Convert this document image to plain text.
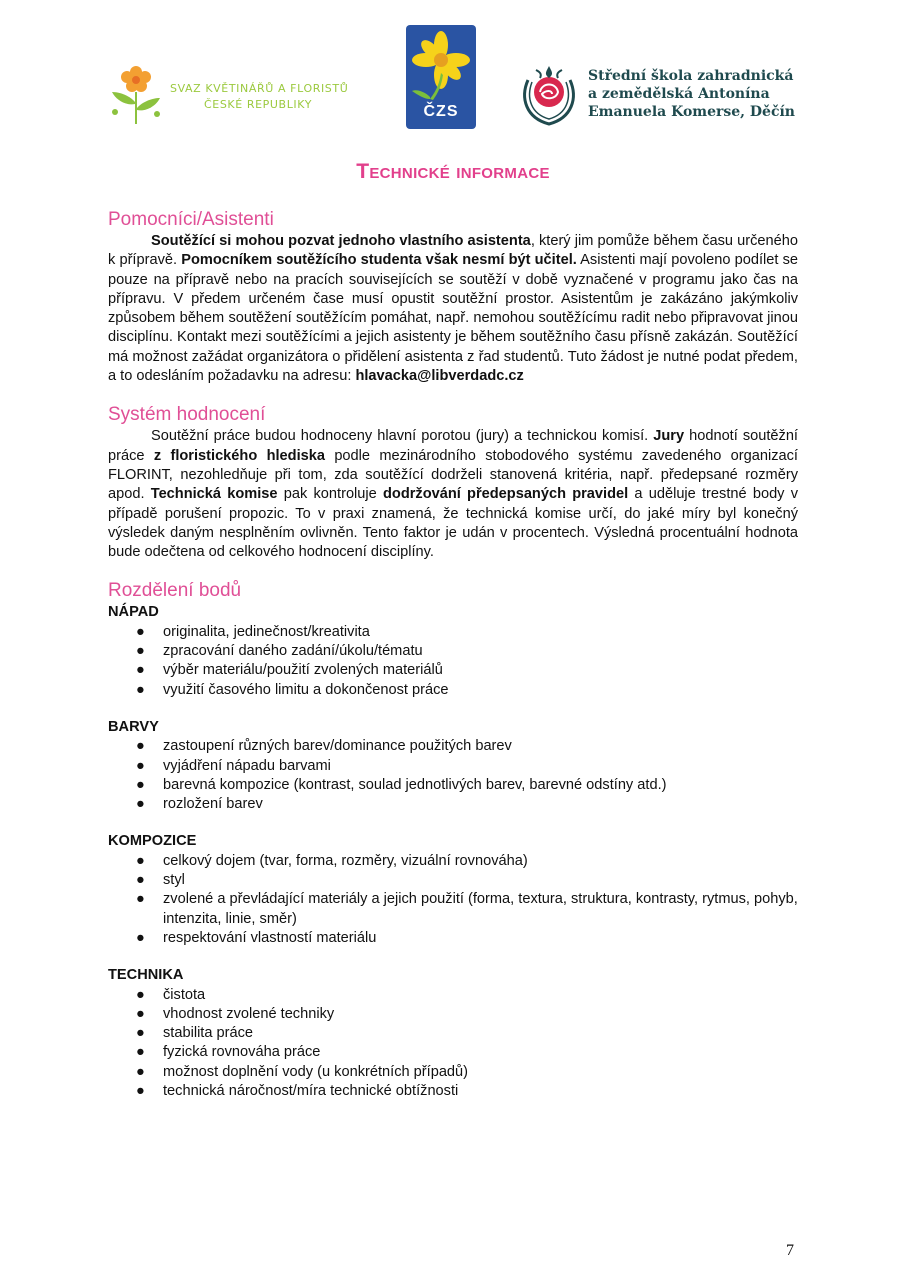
SVAZ KVĚTINÁŘŮ A FLORISTŮ
ČESKÉ REPUBLIKY	ČZS
Střední škola zahradnická
a zemědělská Antonína
Emanuela Komerse, Děčín
Technické informace
Pomocníci/Asistenti

Soutěžící si mohou pozvat jednoho vlastního asistenta, který jim pomůže během času určeného k přípravě. Pomocníkem soutěžícího studenta však nesmí být učitel. Asistenti mají povoleno podílet se pouze na přípravě nebo na pracích souvisejících se soutěží v době vyznačené v programu jako čas na přípravu. V předem určeném čase musí opustit soutěžní prostor. Asistentům je zakázáno jakýmkoliv způsobem během soutěžení soutěžícím pomáhat, např. nemohou soutěžícímu radit nebo připravovat jinou disciplínu. Kontakt mezi soutěžícími a jejich asistenty je během soutěžního času přísně zakázán. Soutěžící má možnost zažádat organizátora o přidělení asistenta z řad studentů. Tuto žádost je nutné podat předem, a to odesláním požadavku na adresu: hlavacka@libverdadc.cz

Systém hodnocení

Soutěžní práce budou hodnoceny hlavní porotou (jury) a technickou komisí. Jury hodnotí soutěžní práce z floristického hlediska podle mezinárodního stobodového systému zavedeného organizací FLORINT, nezohledňuje při tom, zda soutěžící dodrželi stanovená kritéria, např. předepsané rozměry apod. Technická komise pak kontroluje dodržování předepsaných pravidel a uděluje trestné body v případě porušení propozic. To v praxi znamená, že technická komise určí, do jaké míry byl konečný výsledek daným nesplněním ovlivněn. Tento faktor je udán v procentech. Výsledná procentuální hodnota bude odečtena od celkového hodnocení disciplíny.

Rozdělení bodů

NÁPAD

● originalita, jedinečnost/kreativita
● zpracování daného zadání/úkolu/tématu
● výběr materiálu/použití zvolených materiálů
● využití časového limitu a dokončenost práce

BARVY

● zastoupení různých barev/dominance použitých barev
● vyjádření nápadu barvami
● barevná kompozice (kontrast, soulad jednotlivých barev, barevné odstíny atd.)
● rozložení barev

KOMPOZICE

● celkový dojem (tvar, forma, rozměry, vizuální rovnováha)
● styl
● zvolené a převládající materiály a jejich použití (forma, textura, struktura, kontrasty, rytmus, pohyb, intenzita, linie, směr)
● respektování vlastností materiálu

TECHNIKA

● čistota
● vhodnost zvolené techniky
● stabilita práce
● fyzická rovnováha práce
● možnost doplnění vody (u konkrétních případů)
● technická náročnost/míra technické obtížnosti
7
